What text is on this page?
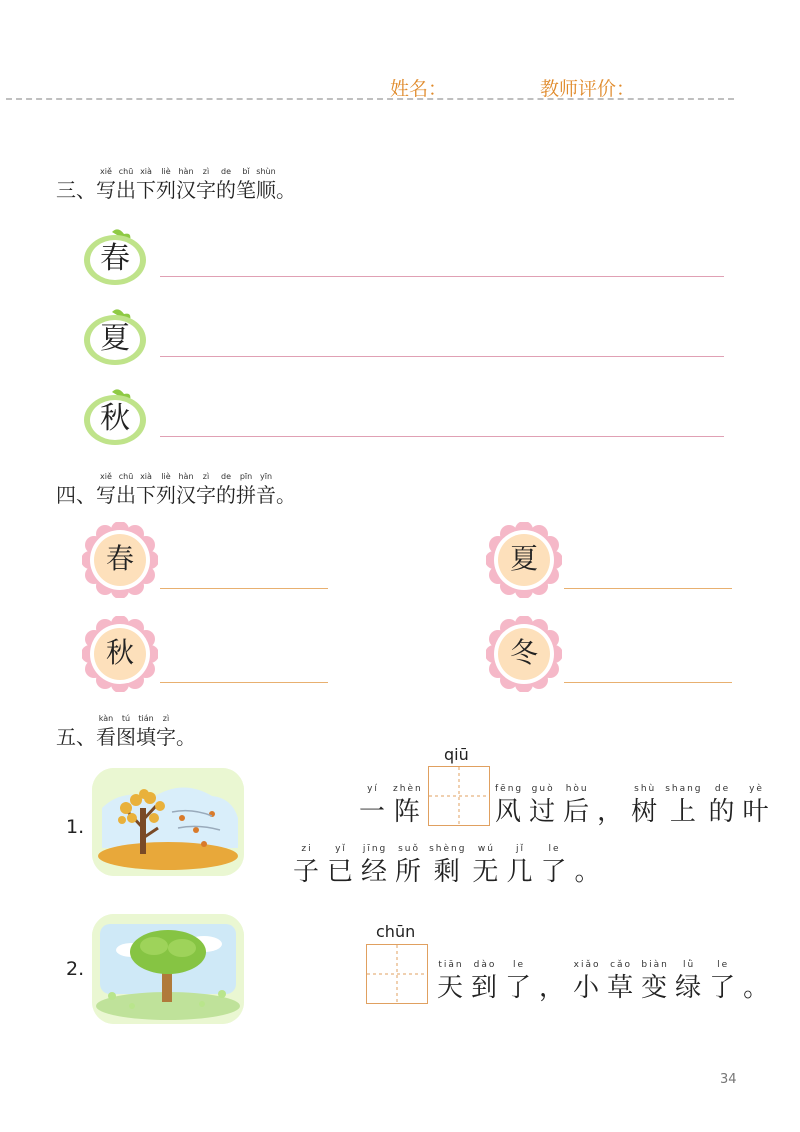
姓名：	教师评价：
三、
xiě
写
chū
出
xià
下
liè
列
hàn
汉
zì
字
de
的
bǐ
笔
shùn
顺 。
春
夏
秋
四、
xiě
写
chū
出
xià
下
liè
列
hàn
汉
zì
字
de
的
pīn
拼
yīn
音 。
春	夏
秋	冬
五、
kàn
看
tú
图
tián
填
zì
字 。
1.
qiū
yí
一
zhèn
阵
fēng
风
guò
过
hòu
后
，
shù
树
shang
上
de
的
yè
叶
zi
子
yǐ
已
jīng
经
suǒ
所
shèng
剩
wú
无
jǐ
几
le
了
。
2.
chūn
tiān
天
dào
到
le
了
，
xiǎo
小
cǎo
草
biàn
变
lǜ
绿
le
了
。
34
